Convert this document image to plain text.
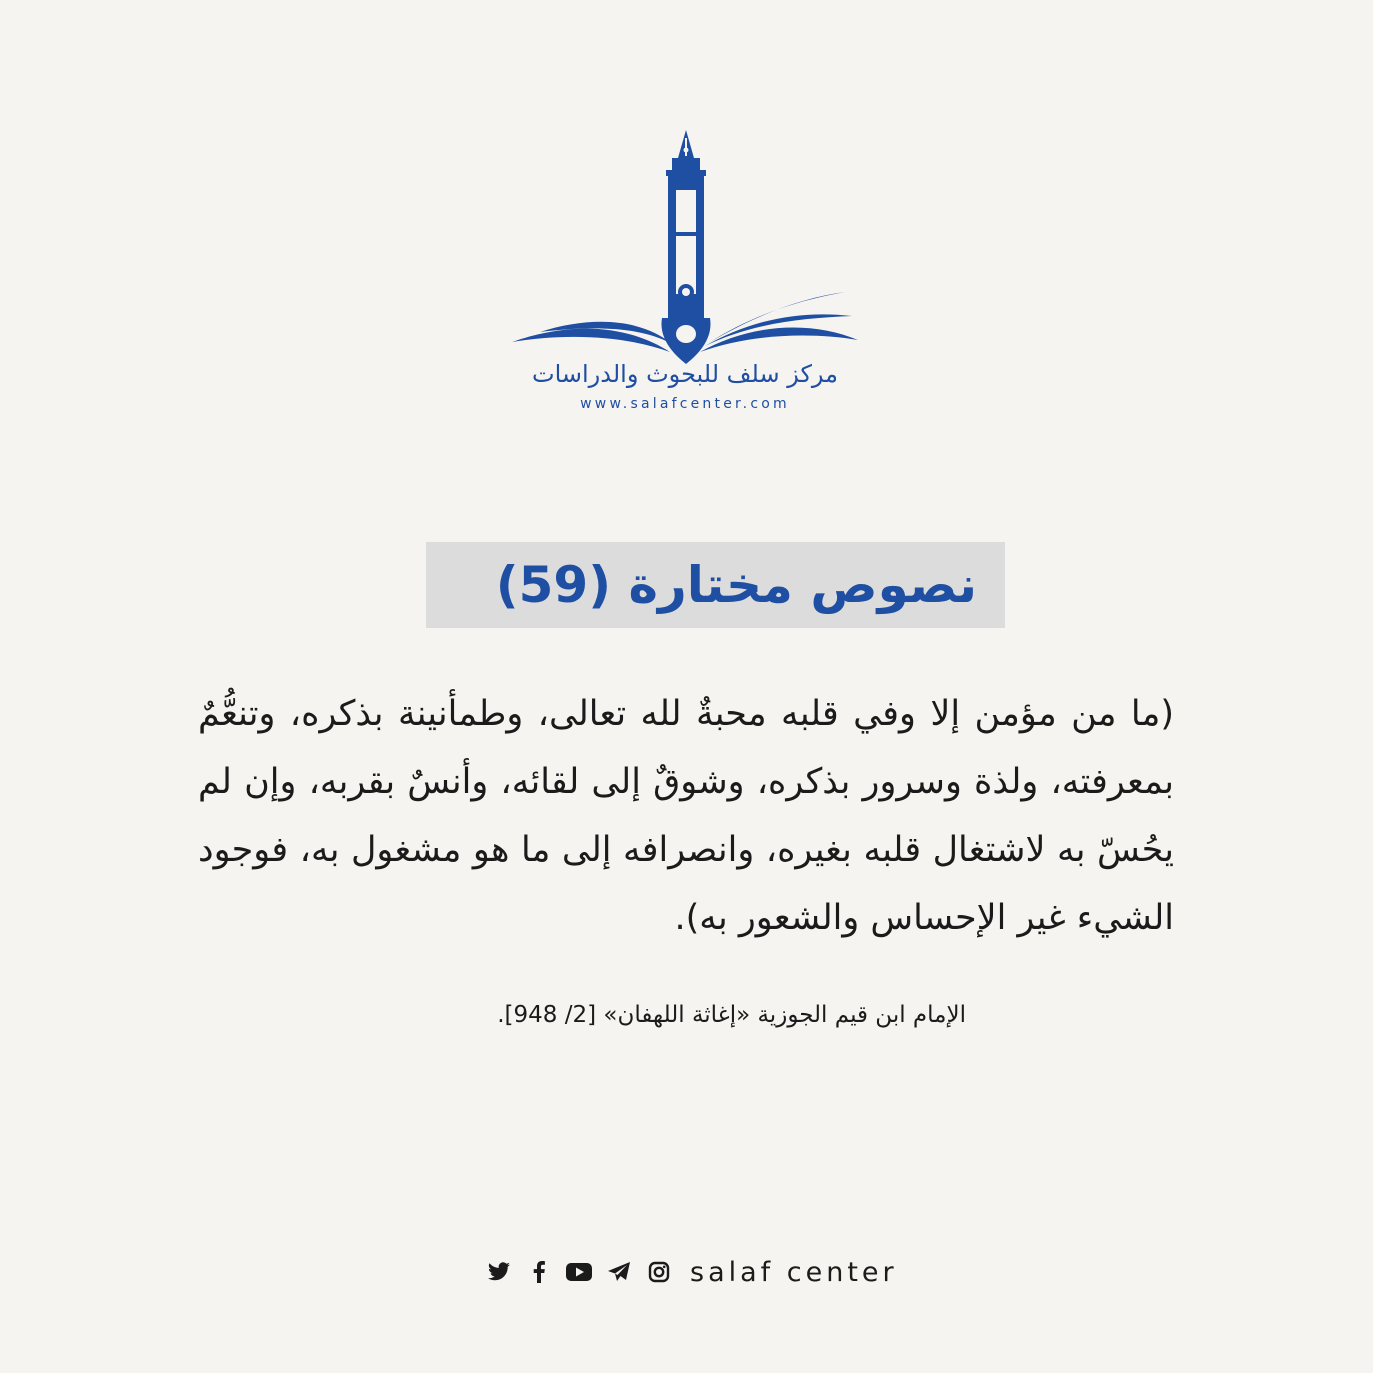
مركز سلف للبحوث والدراسات
www.salafcenter.com
نصوص مختارة (59)

(ما من مؤمن إلا وفي قلبه محبةٌ لله تعالى، وطمأنينة بذكره، وتنعُّمٌ بمعرفته، ولذة وسرور بذكره، وشوقٌ إلى لقائه، وأنسٌ بقربه، وإن لم يحُسّ به لاشتغال قلبه بغيره، وانصرافه إلى ما هو مشغول به، فوجود الشيء غير الإحساس والشعور به).

الإمام ابن قيم الجوزية «إغاثة اللهفان» [2/ 948].
salaf center
